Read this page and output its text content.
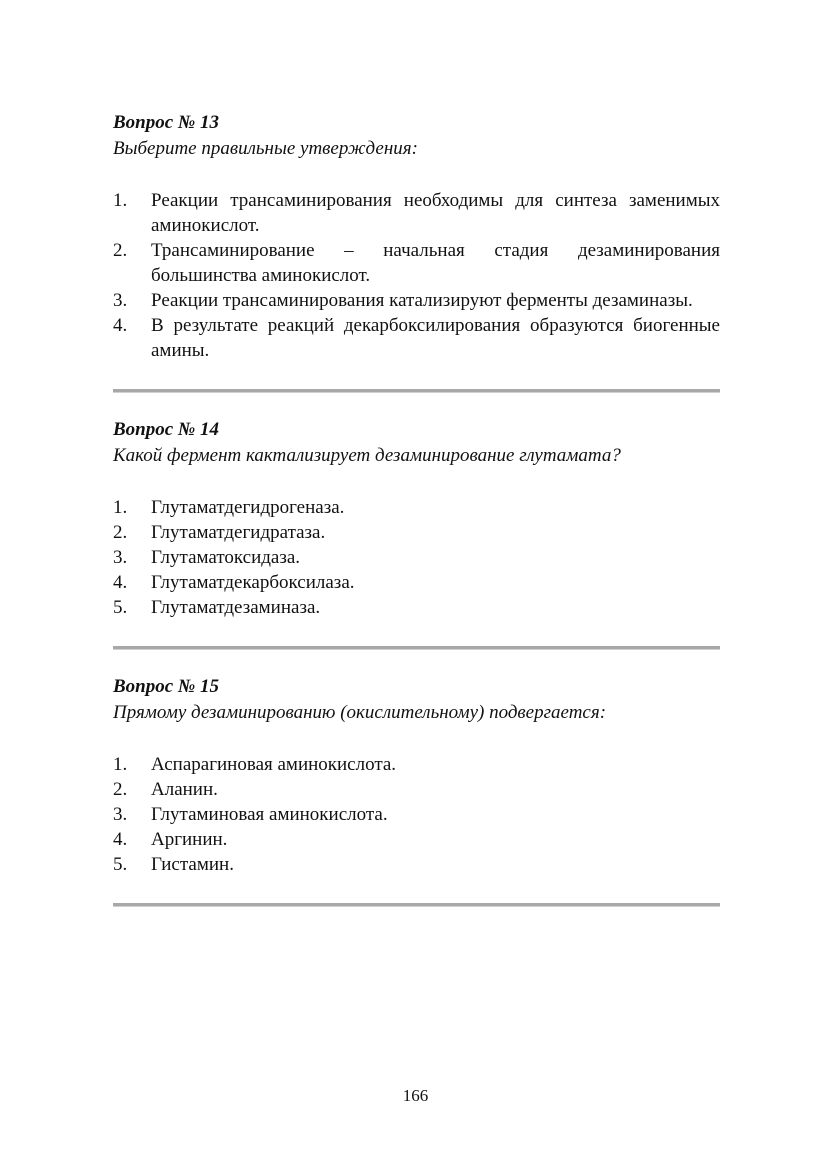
Вопрос № 13

Выберите правильные утверждения:

1.	Реакции трансаминирования необходимы для синтеза заменимых аминокислот.
2.	Трансаминирование – начальная стадия дезаминирования большинства аминокислот.
3.	Реакции трансаминирования катализируют ферменты дезаминазы.
4.	В результате реакций декарбоксилирования образуются биогенные амины.

Вопрос № 14

Какой фермент кактализирует дезаминирование глутамата?

1.	Глутаматдегидрогеназа.
2.	Глутаматдегидратаза.
3.	Глутаматоксидаза.
4.	Глутаматдекарбоксилаза.
5.	Глутаматдезаминаза.

Вопрос № 15

Прямому дезаминированию (окислительному) подвергается:

1.	Аспарагиновая аминокислота.
2.	Аланин.
3.	Глутаминовая аминокислота.
4.	Аргинин.
5.	Гистамин.
166
